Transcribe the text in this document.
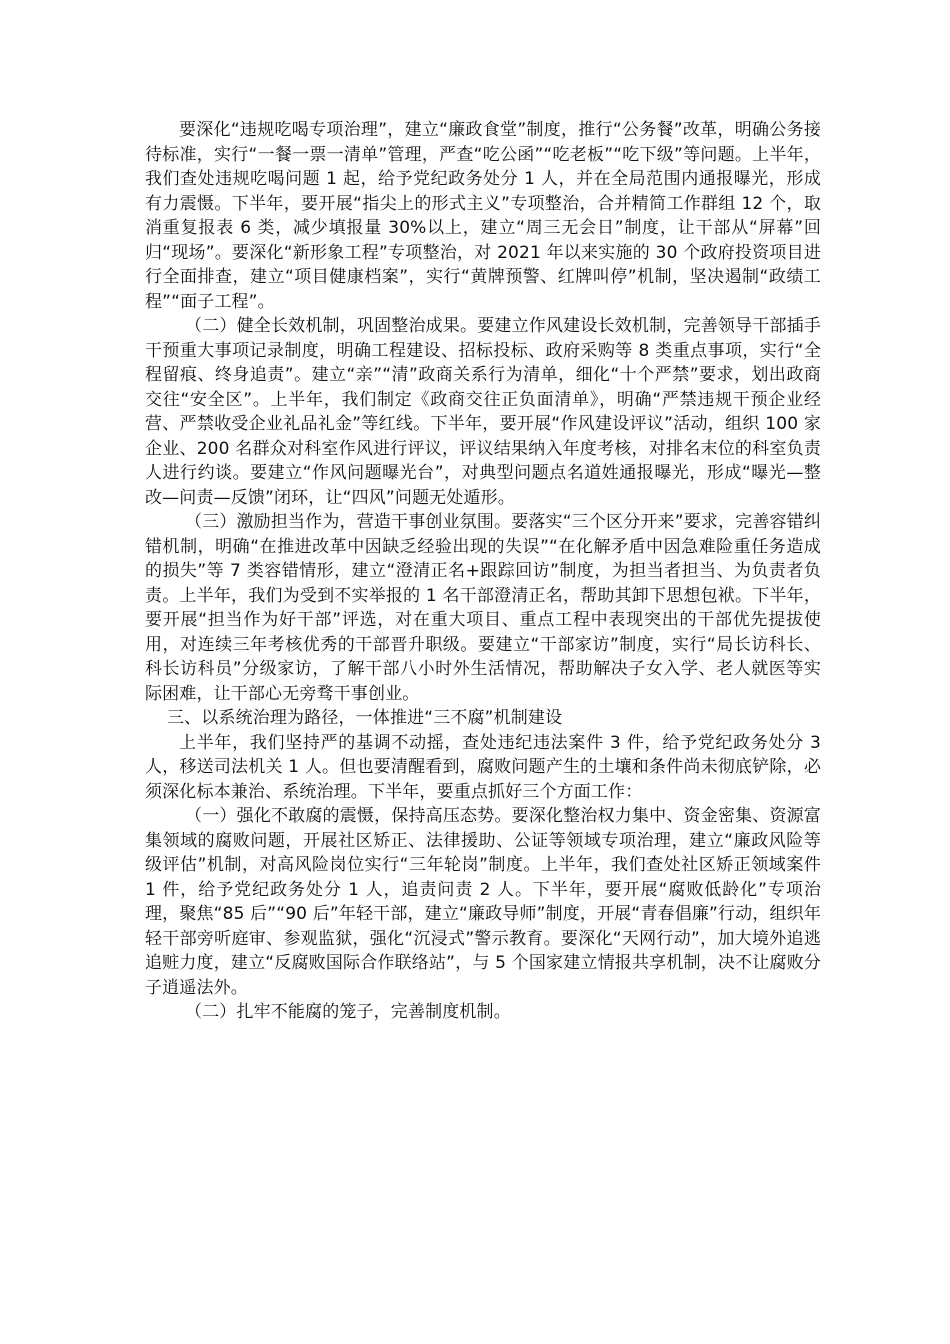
要深化“违规吃喝专项治理”，建立“廉政食堂”制度，推行“公务餐”改革，明确公务接待标准，实行“一餐一票一清单”管理，严查“吃公函”“吃老板”“吃下级”等问题。上半年，我们查处违规吃喝问题 1 起，给予党纪政务处分 1 人，并在全局范围内通报曝光，形成有力震慑。下半年，要开展“指尖上的形式主义”专项整治，合并精简工作群组 12 个，取消重复报表 6 类，减少填报量 30%以上，建立“周三无会日”制度，让干部从“屏幕”回归“现场”。要深化“新形象工程”专项整治，对 2021 年以来实施的 30 个政府投资项目进行全面排查，建立“项目健康档案”，实行“黄牌预警、红牌叫停”机制，坚决遏制“政绩工程”“面子工程”。

（二）健全长效机制，巩固整治成果。要建立作风建设长效机制，完善领导干部插手干预重大事项记录制度，明确工程建设、招标投标、政府采购等 8 类重点事项，实行“全程留痕、终身追责”。建立“亲”“清”政商关系行为清单，细化“十个严禁”要求，划出政商交往“安全区”。上半年，我们制定《政商交往正负面清单》，明确“严禁违规干预企业经营、严禁收受企业礼品礼金”等红线。下半年，要开展“作风建设评议”活动，组织 100 家企业、200 名群众对科室作风进行评议，评议结果纳入年度考核，对排名末位的科室负责人进行约谈。要建立“作风问题曝光台”，对典型问题点名道姓通报曝光，形成“曝光—整改—问责—反馈”闭环，让“四风”问题无处遁形。

（三）激励担当作为，营造干事创业氛围。要落实“三个区分开来”要求，完善容错纠错机制，明确“在推进改革中因缺乏经验出现的失误”“在化解矛盾中因急难险重任务造成的损失”等 7 类容错情形，建立“澄清正名+跟踪回访”制度，为担当者担当、为负责者负责。上半年，我们为受到不实举报的 1 名干部澄清正名，帮助其卸下思想包袱。下半年，要开展“担当作为好干部”评选，对在重大项目、重点工程中表现突出的干部优先提拔使用，对连续三年考核优秀的干部晋升职级。要建立“干部家访”制度，实行“局长访科长、科长访科员”分级家访，了解干部八小时外生活情况，帮助解决子女入学、老人就医等实际困难，让干部心无旁骛干事创业。

三、以系统治理为路径，一体推进“三不腐”机制建设

上半年，我们坚持严的基调不动摇，查处违纪违法案件 3 件，给予党纪政务处分 3 人，移送司法机关 1 人。但也要清醒看到，腐败问题产生的土壤和条件尚未彻底铲除，必须深化标本兼治、系统治理。下半年，要重点抓好三个方面工作：

（一）强化不敢腐的震慑，保持高压态势。要深化整治权力集中、资金密集、资源富集领域的腐败问题，开展社区矫正、法律援助、公证等领域专项治理，建立“廉政风险等级评估”机制，对高风险岗位实行“三年轮岗”制度。上半年，我们查处社区矫正领域案件 1 件，给予党纪政务处分 1 人，追责问责 2 人。下半年，要开展“腐败低龄化”专项治理，聚焦“85 后”“90 后”年轻干部，建立“廉政导师”制度，开展“青春倡廉”行动，组织年轻干部旁听庭审、参观监狱，强化“沉浸式”警示教育。要深化“天网行动”，加大境外追逃追赃力度，建立“反腐败国际合作联络站”，与 5 个国家建立情报共享机制，决不让腐败分子逍遥法外。

（二）扎牢不能腐的笼子，完善制度机制。
